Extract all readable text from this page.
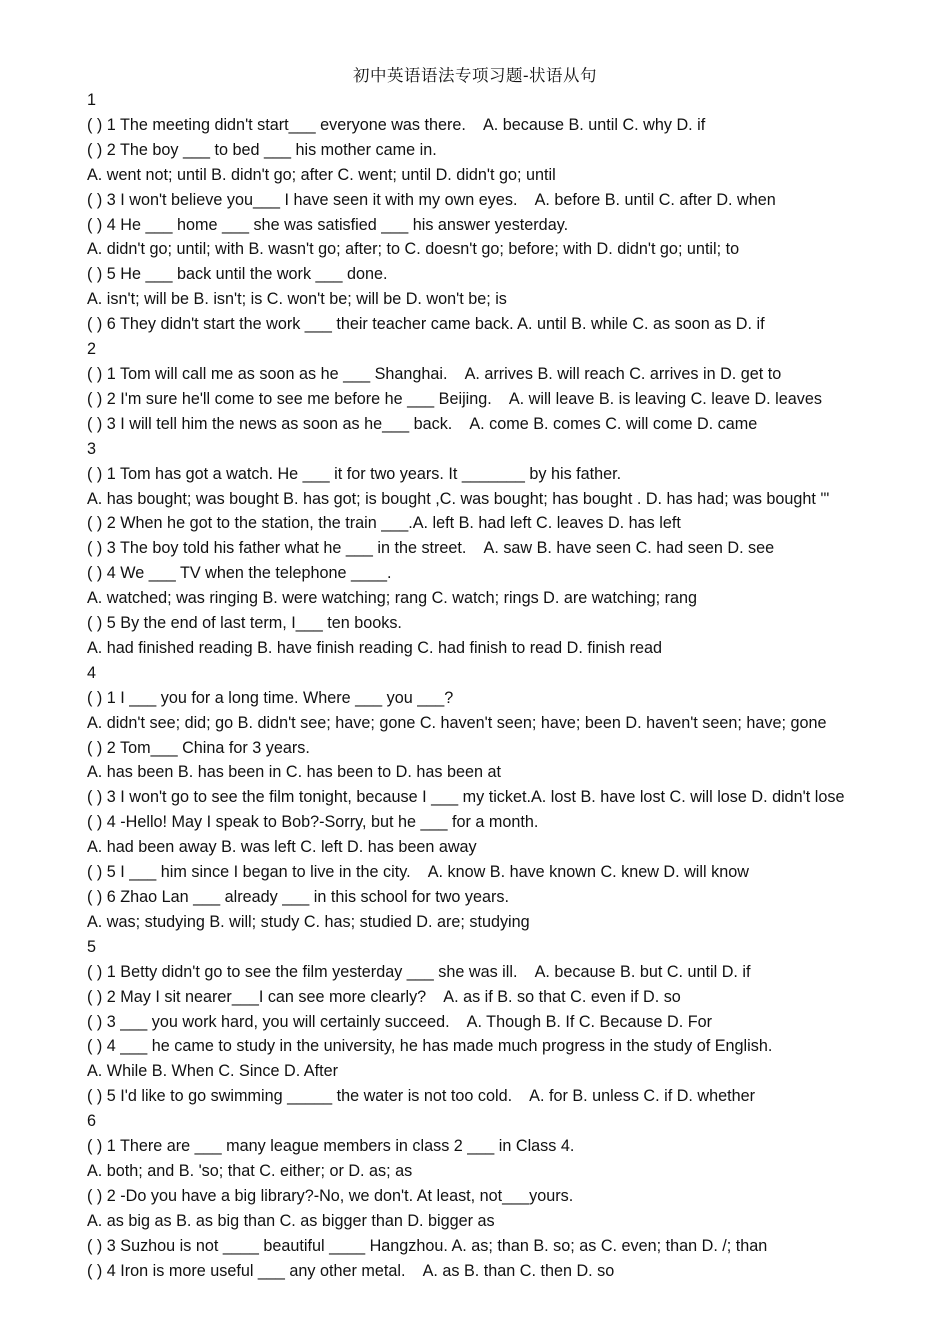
初中英语语法专项习题-状语从句
1
( ) 1 The meeting didn't start___ everyone was there.    A. because B. until C. why D. if
( ) 2 The boy ___ to bed ___ his mother came in.
A. went not; until B. didn't go; after C. went; until D. didn't go; until
( ) 3 I won't believe you___ I have seen it with my own eyes.    A. before B. until C. after D. when
( ) 4 He ___ home ___ she was satisfied ___ his answer yesterday.
A. didn't go; until; with B. wasn't go; after; to C. doesn't go; before; with D. didn't go; until; to
( ) 5 He ___ back until the work ___ done.
A. isn't; will be B. isn't; is C. won't be; will be D. won't be; is
( ) 6 They didn't start the work ___ their teacher came back. A. until B. while C. as soon as D. if
2
( ) 1 Tom will call me as soon as he ___ Shanghai.    A. arrives B. will reach C. arrives in D. get to
( ) 2 I'm sure he'll come to see me before he ___ Beijing.    A. will leave B. is leaving C. leave D. leaves
( ) 3 I will tell him the news as soon as he___ back.    A. come B. comes C. will come D. came
3
( ) 1 Tom has got a watch. He ___ it for two years. It _______ by his father.
A. has bought; was bought B. has got; is bought ,C. was bought; has bought . D. has had; was bought '"
( ) 2 When he got to the station, the train ___.A. left B. had left C. leaves D. has left
( ) 3 The boy told his father what he ___ in the street.    A. saw B. have seen C. had seen D. see
( ) 4 We ___ TV when the telephone ____.
A. watched; was ringing B. were watching; rang C. watch; rings D. are watching; rang
( ) 5 By the end of last term, I___ ten books.
A. had finished reading B. have finish reading C. had finish to read D. finish read
4
( ) 1 I ___ you for a long time. Where ___ you ___?
A. didn't see; did; go B. didn't see; have; gone C. haven't seen; have; been D. haven't seen; have; gone
( ) 2 Tom___ China for 3 years.
A. has been B. has been in C. has been to D. has been at
( ) 3 I won't go to see the film tonight, because I ___ my ticket.A. lost B. have lost C. will lose D. didn't lose
( ) 4 -Hello! May I speak to Bob?-Sorry, but he ___ for a month.
A. had been away B. was left C. left D. has been away
( ) 5 I ___ him since I began to live in the city.    A. know B. have known C. knew D. will know
( ) 6 Zhao Lan ___ already ___ in this school for two years.
A. was; studying B. will; study C. has; studied D. are; studying
5
( ) 1 Betty didn't go to see the film yesterday ___ she was ill.    A. because B. but C. until D. if
( ) 2 May I sit nearer___I can see more clearly?    A. as if B. so that C. even if D. so
( ) 3 ___ you work hard, you will certainly succeed.    A. Though B. If C. Because D. For
( ) 4 ___ he came to study in the university, he has made much progress in the study of English.
A. While B. When C. Since D. After
( ) 5 I'd like to go swimming _____ the water is not too cold.    A. for B. unless C. if D. whether
6
( ) 1 There are ___ many league members in class 2 ___ in Class 4.
A. both; and B. 'so; that C. either; or D. as; as
( ) 2 -Do you have a big library?-No, we don't. At least, not___yours.
A. as big as B. as big than C. as bigger than D. bigger as
( ) 3 Suzhou is not ____ beautiful ____ Hangzhou. A. as; than B. so; as C. even; than D. /; than
( ) 4 Iron is more useful ___ any other metal.    A. as B. than C. then D. so
